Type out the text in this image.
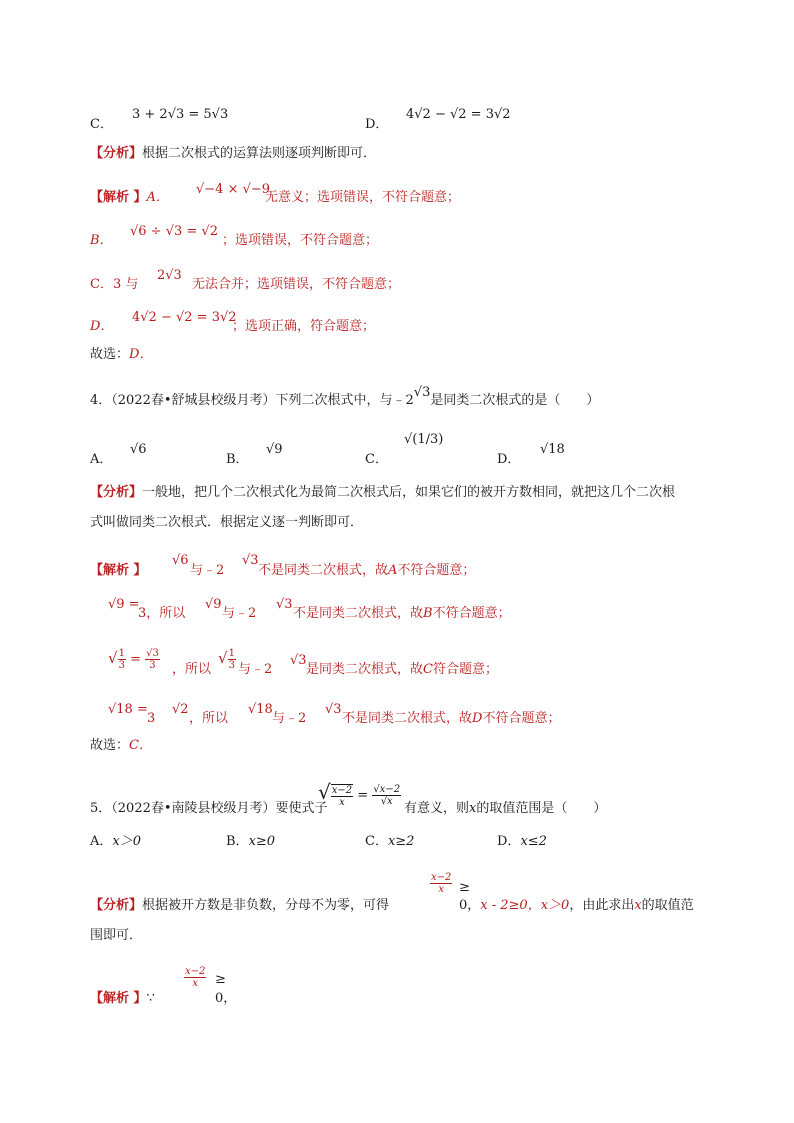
C．
3 + 2√3 = 5√3
D．
4√2 − √2 = 3√2
【分析】根据二次根式的运算法则逐项判断即可．
【解析 】A．
√−4 × √−9
无意义；选项错误，不符合题意；
B．
√6 ÷ √3 = √2
；选项错误，不符合题意；
C．3 与
2√3
无法合并；选项错误，不符合题意；
D．
4√2 − √2 = 3√2
；选项正确，符合题意；
故选：D．
4．（2022春•舒城县校级月考）下列二次根式中，与﹣2√3是同类二次根式的是（　　）
A．
√6
B．
√9
C．
√(1/3)
D．
√18
【分析】一般地，把几个二次根式化为最简二次根式后，如果它们的被开方数相同，就把这几个二次根
式叫做同类二次根式．根据定义逐一判断即可．
【解析 】
√6
与﹣2
√3
不是同类二次根式，故A不符合题意；
√9 =
3，所以
√9
与﹣2
√3
不是同类二次根式，故B不符合题意；
√ $\frac{1}{3} = \frac{√3}{3}$ ，所以
√ $\frac{1}{3}$ 与﹣2
√3
是同类二次根式，故C符合题意；
√18 =
3
√2
，所以
√18
与﹣2
√3
不是同类二次根式，故D不符合题意；
故选：C．
5．（2022春•南陵县校级月考）要使式子
√ $\frac{x-2}{x} = \frac{√x-2}{√x}$
有意义，则x的取值范围是（　　）
A．x＞0	B．x≥0	C．x≥2	D．x≤2
【分析】根据被开方数是非负数，分母不为零，可得
$\frac{x-2}{x}$ ≥
0，x ‐ 2≥0，x＞0，由此求出x的取值范
围即可．
【解析 】∵
$\frac{x-2}{x}$ ≥
0，
